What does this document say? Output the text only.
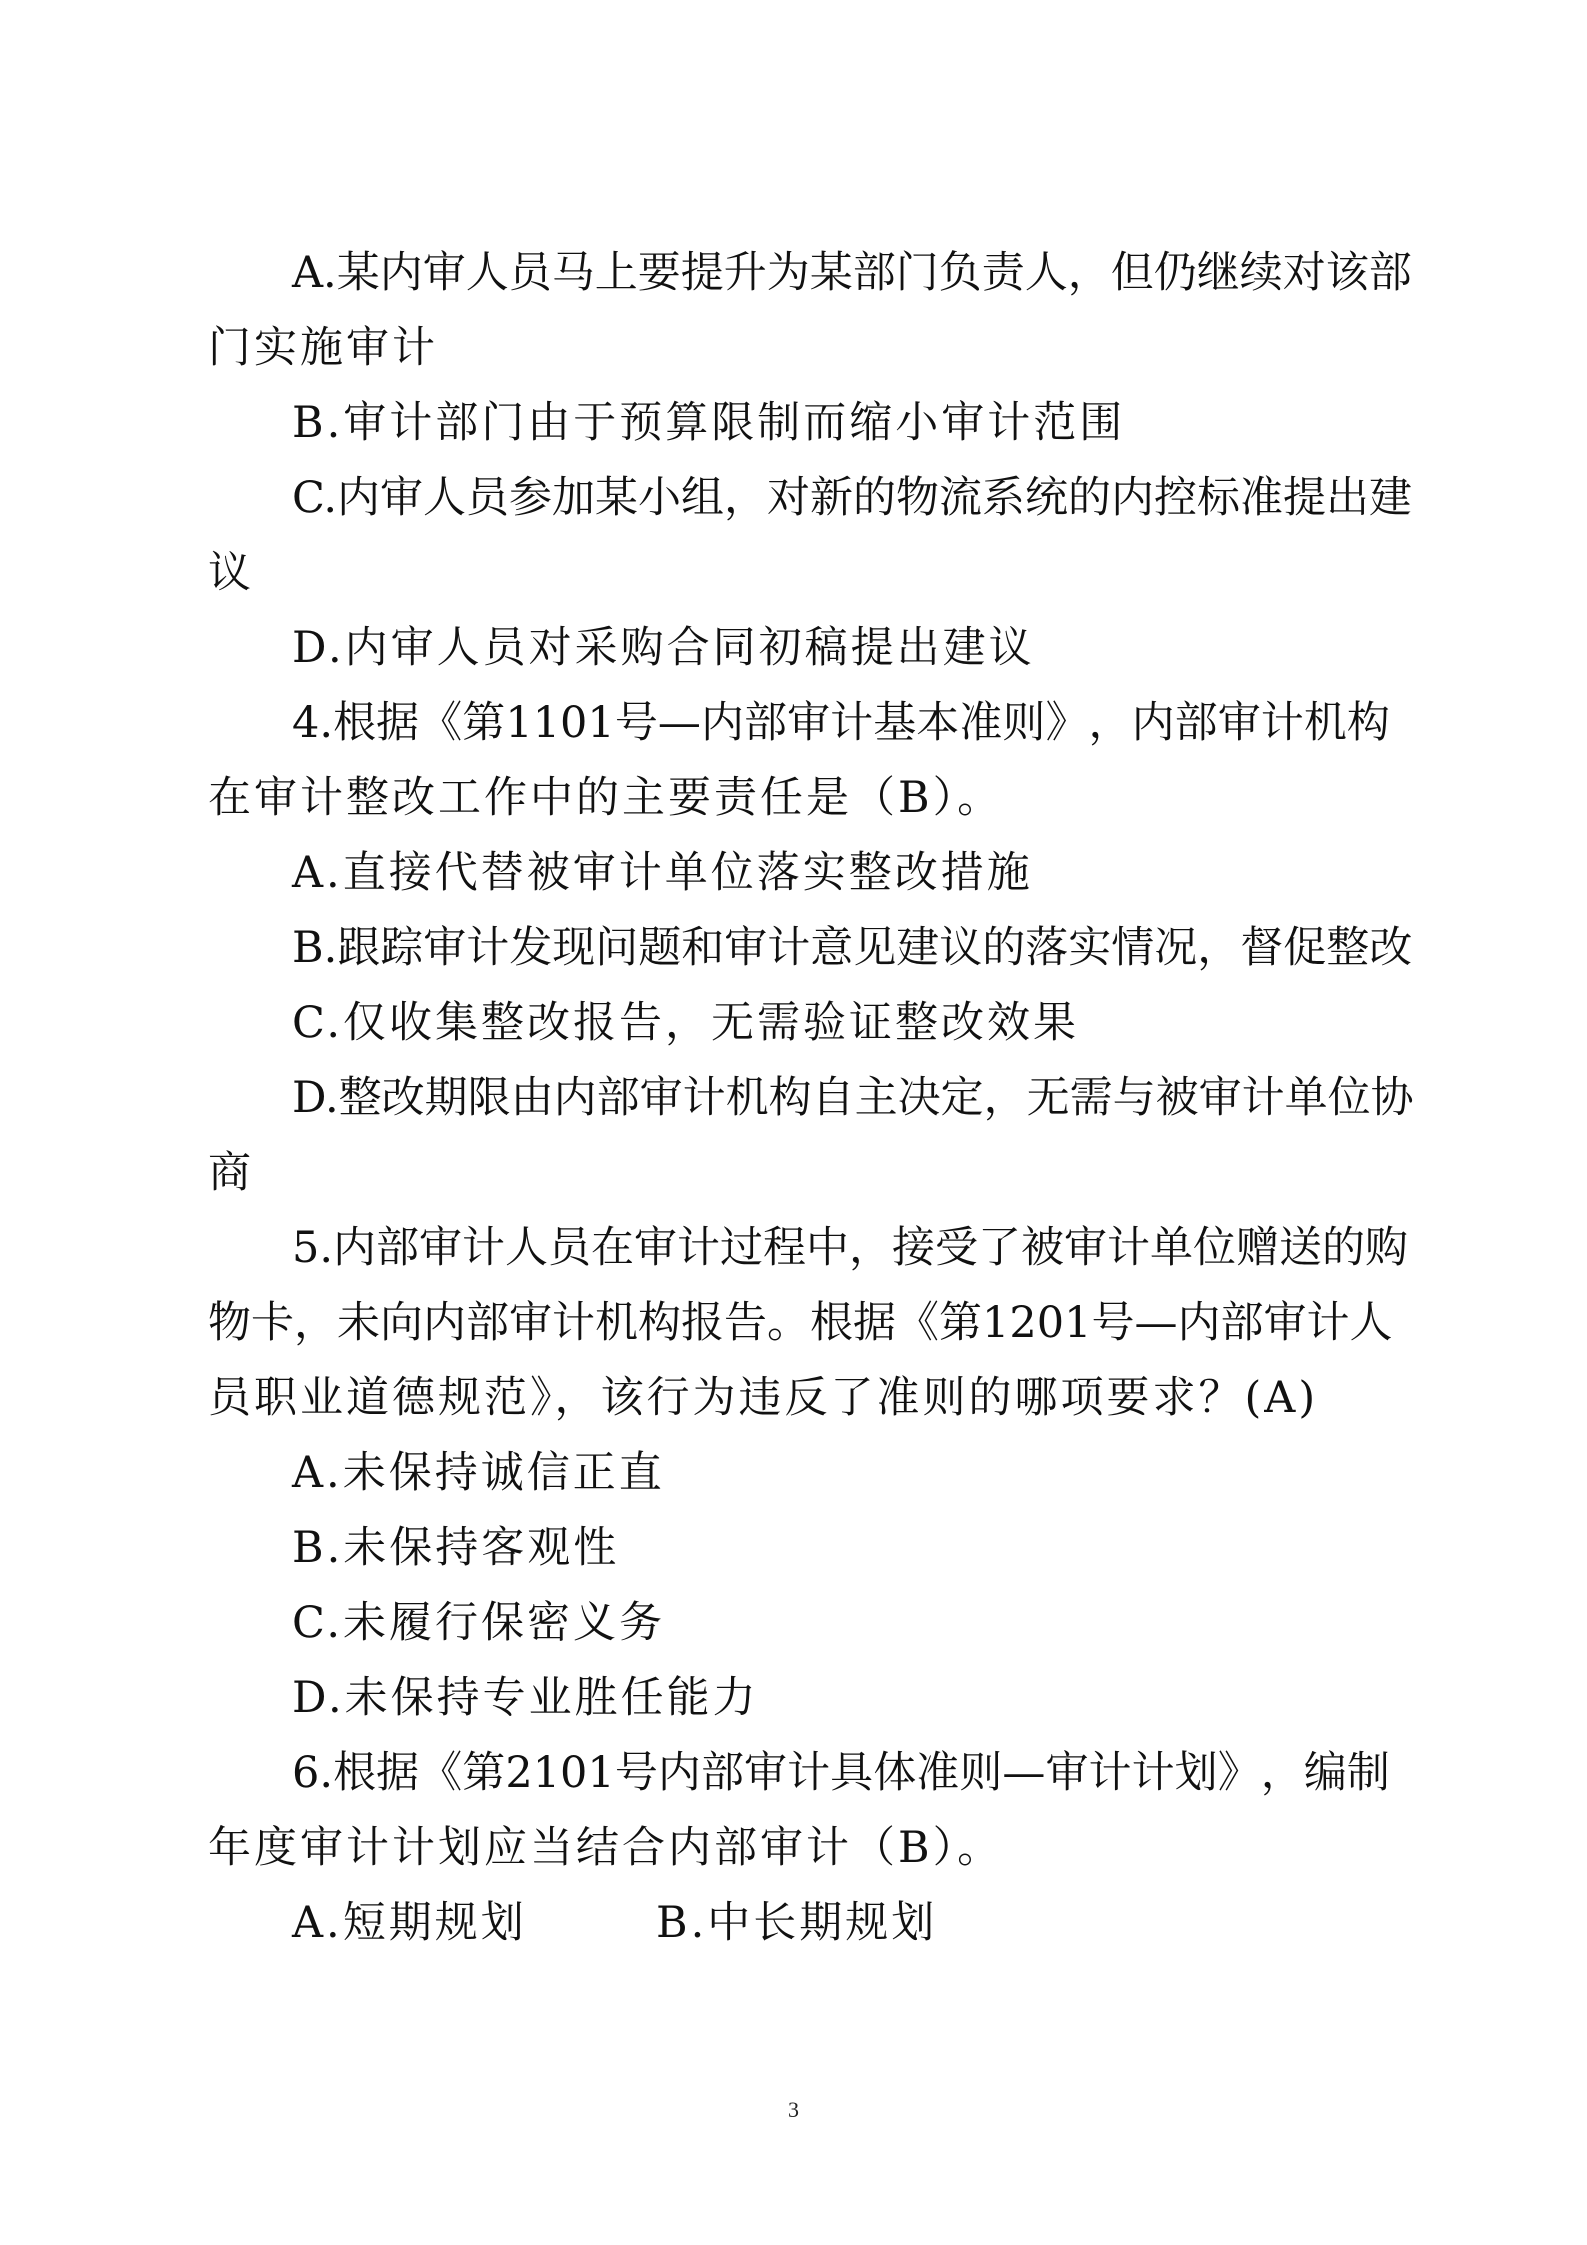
A. 某 内 审 人 员 马 上 要 提 升 为 某 部 门 负 责 人 ， 但 仍 继 续 对 该 部
门实施审计
B.审计部门由于预算限制而缩小审计范围
C. 内 审 人 员 参 加 某 小 组 ， 对 新 的 物 流 系 统 的 内 控 标 准 提 出 建
议
D.内审人员对采购合同初稿提出建议
4. 根 据 《 第 1101 号 — 内 部 审 计 基 本 准 则 》 ， 内 部 审 计 机 构
在审计整改工作中的主要责任是（B）。
A.直接代替被审计单位落实整改措施
B. 跟 踪 审 计 发 现 问 题 和 审 计 意 见 建 议 的 落 实 情 况 ， 督 促 整 改
C.仅收集整改报告，无需验证整改效果
D. 整 改 期 限 由 内 部 审 计 机 构 自 主 决 定 ， 无 需 与 被 审 计 单 位 协
商
5. 内 部 审 计 人 员 在 审 计 过 程 中 ， 接 受 了 被 审 计 单 位 赠 送 的 购
物 卡 ， 未 向 内 部 审 计 机 构 报 告 。 根 据 《 第 1201 号 — 内 部 审 计 人
员职业道德规范》，该行为违反了准则的哪项要求？(A)
A.未保持诚信正直
B.未保持客观性
C.未履行保密义务
D.未保持专业胜任能力
6. 根 据 《 第 2101 号 内 部 审 计 具 体 准 则 — 审 计 计 划 》 ， 编 制
年度审计计划应当结合内部审计（B）。
A.短期规划	B.中长期规划
3
